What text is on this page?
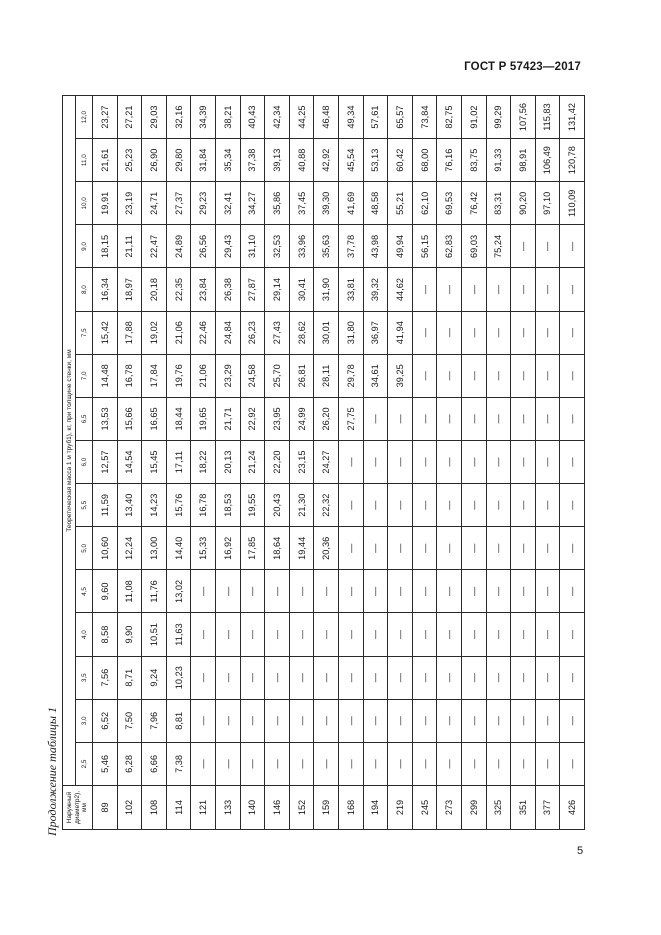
ГОСТ Р 57423—2017
Продолжение таблицы 1 Наружный диаметр2), мм	Теоретическая масса 1 м труб1), кг, при толщине стенки, мм															
	2,5	3,0	3,5	4,0	4,5	5,0	5,5	6,0	6,5	7,0	7,5	8,0	9,0	10,0	11,0	12,0
89	5,46	6,52	7,56	8,58	9,60	10,60	11,59	12,57	13,53	14,48	15,42	16,34	18,15	19,91	21,61	23,27
102	6,28	7,50	8,71	9,90	11,08	12,24	13,40	14,54	15,66	16,78	17,88	18,97	21,11	23,19	25,23	27,21
108	6,66	7,96	9,24	10,51	11,76	13,00	14,23	15,45	16,65	17,84	19,02	20,18	22,47	24,71	26,90	29,03
114	7,38	8,81	10,23	11,63	13,02	14,40	15,76	17,11	18,44	19,76	21,06	22,35	24,89	27,37	29,80	32,16
121	—	—	—	—	—	15,33	16,78	18,22	19,65	21,06	22,46	23,84	26,56	29,23	31,84	34,39
133	—	—	—	—	—	16,92	18,53	20,13	21,71	23,29	24,84	26,38	29,43	32,41	35,34	38,21
140	—	—	—	—	—	17,85	19,55	21,24	22,92	24,58	26,23	27,87	31,10	34,27	37,38	40,43
146	—	—	—	—	—	18,64	20,43	22,20	23,95	25,70	27,43	29,14	32,53	35,86	39,13	42,34
152	—	—	—	—	—	19,44	21,30	23,15	24,99	26,81	28,62	30,41	33,96	37,45	40,88	44,25
159	—	—	—	—	—	20,36	22,32	24,27	26,20	28,11	30,01	31,90	35,63	39,30	42,92	46,48
168	—	—	—	—	—	—	—	—	27,75	29,78	31,80	33,81	37,78	41,69	45,54	49,34
194	—	—	—	—	—	—	—	—	—	34,61	36,97	39,32	43,98	48,58	53,13	57,61
219	—	—	—	—	—	—	—	—	—	39,25	41,94	44,62	49,94	55,21	60,42	65,57
245	—	—	—	—	—	—	—	—	—	—	—	—	56,15	62,10	68,00	73,84
273	—	—	—	—	—	—	—	—	—	—	—	—	62,83	69,53	76,16	82,75
299	—	—	—	—	—	—	—	—	—	—	—	—	69,03	76,42	83,75	91,02
325	—	—	—	—	—	—	—	—	—	—	—	—	75,24	83,31	91,33	99,29
351	—	—	—	—	—	—	—	—	—	—	—	—	—	90,20	98,91	107,56
377	—	—	—	—	—	—	—	—	—	—	—	—	—	97,10	106,49	115,83
426	—	—	—	—	—	—	—	—	—	—	—	—	—	110,09	120,78	131,42
5
